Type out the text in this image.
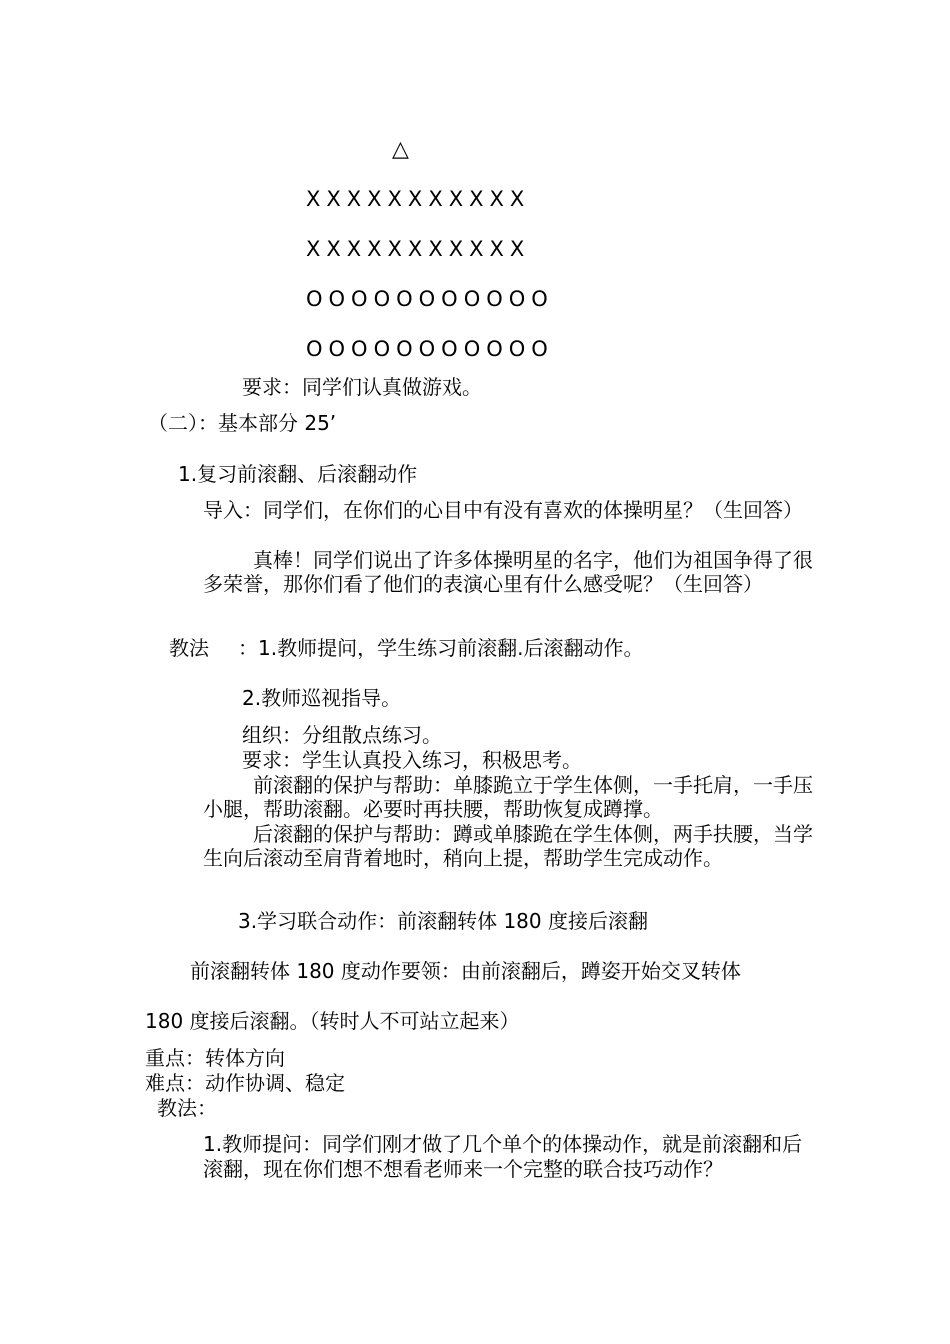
△
XXXXXXXXXXX
XXXXXXXXXXX
OOOOOOOOOOO
OOOOOOOOOOO
要求：同学们认真做游戏。
（二）：基本部分 25’
1.复习前滚翻、后滚翻动作
导入：同学们，在你们的心目中有没有喜欢的体操明星？（生回答）
真棒！同学们说出了许多体操明星的名字，他们为祖国争得了很多荣誉，那你们看了他们的表演心里有什么感受呢？（生回答）
教法 ：1.教师提问，学生练习前滚翻.后滚翻动作。
2.教师巡视指导。
组织：分组散点练习。
要求：学生认真投入练习，积极思考。
前滚翻的保护与帮助：单膝跪立于学生体侧，一手托肩，一手压小腿，帮助滚翻。必要时再扶腰，帮助恢复成蹲撑。
后滚翻的保护与帮助：蹲或单膝跪在学生体侧，两手扶腰，当学生向后滚动至肩背着地时，稍向上提，帮助学生完成动作。
3.学习联合动作：前滚翻转体 180 度接后滚翻
前滚翻转体 180 度动作要领：由前滚翻后，蹲姿开始交叉转体
180 度接后滚翻。（转时人不可站立起来）
重点：转体方向
难点：动作协调、稳定
教法：
1.教师提问：同学们刚才做了几个单个的体操动作，就是前滚翻和后滚翻，现在你们想不想看老师来一个完整的联合技巧动作？
